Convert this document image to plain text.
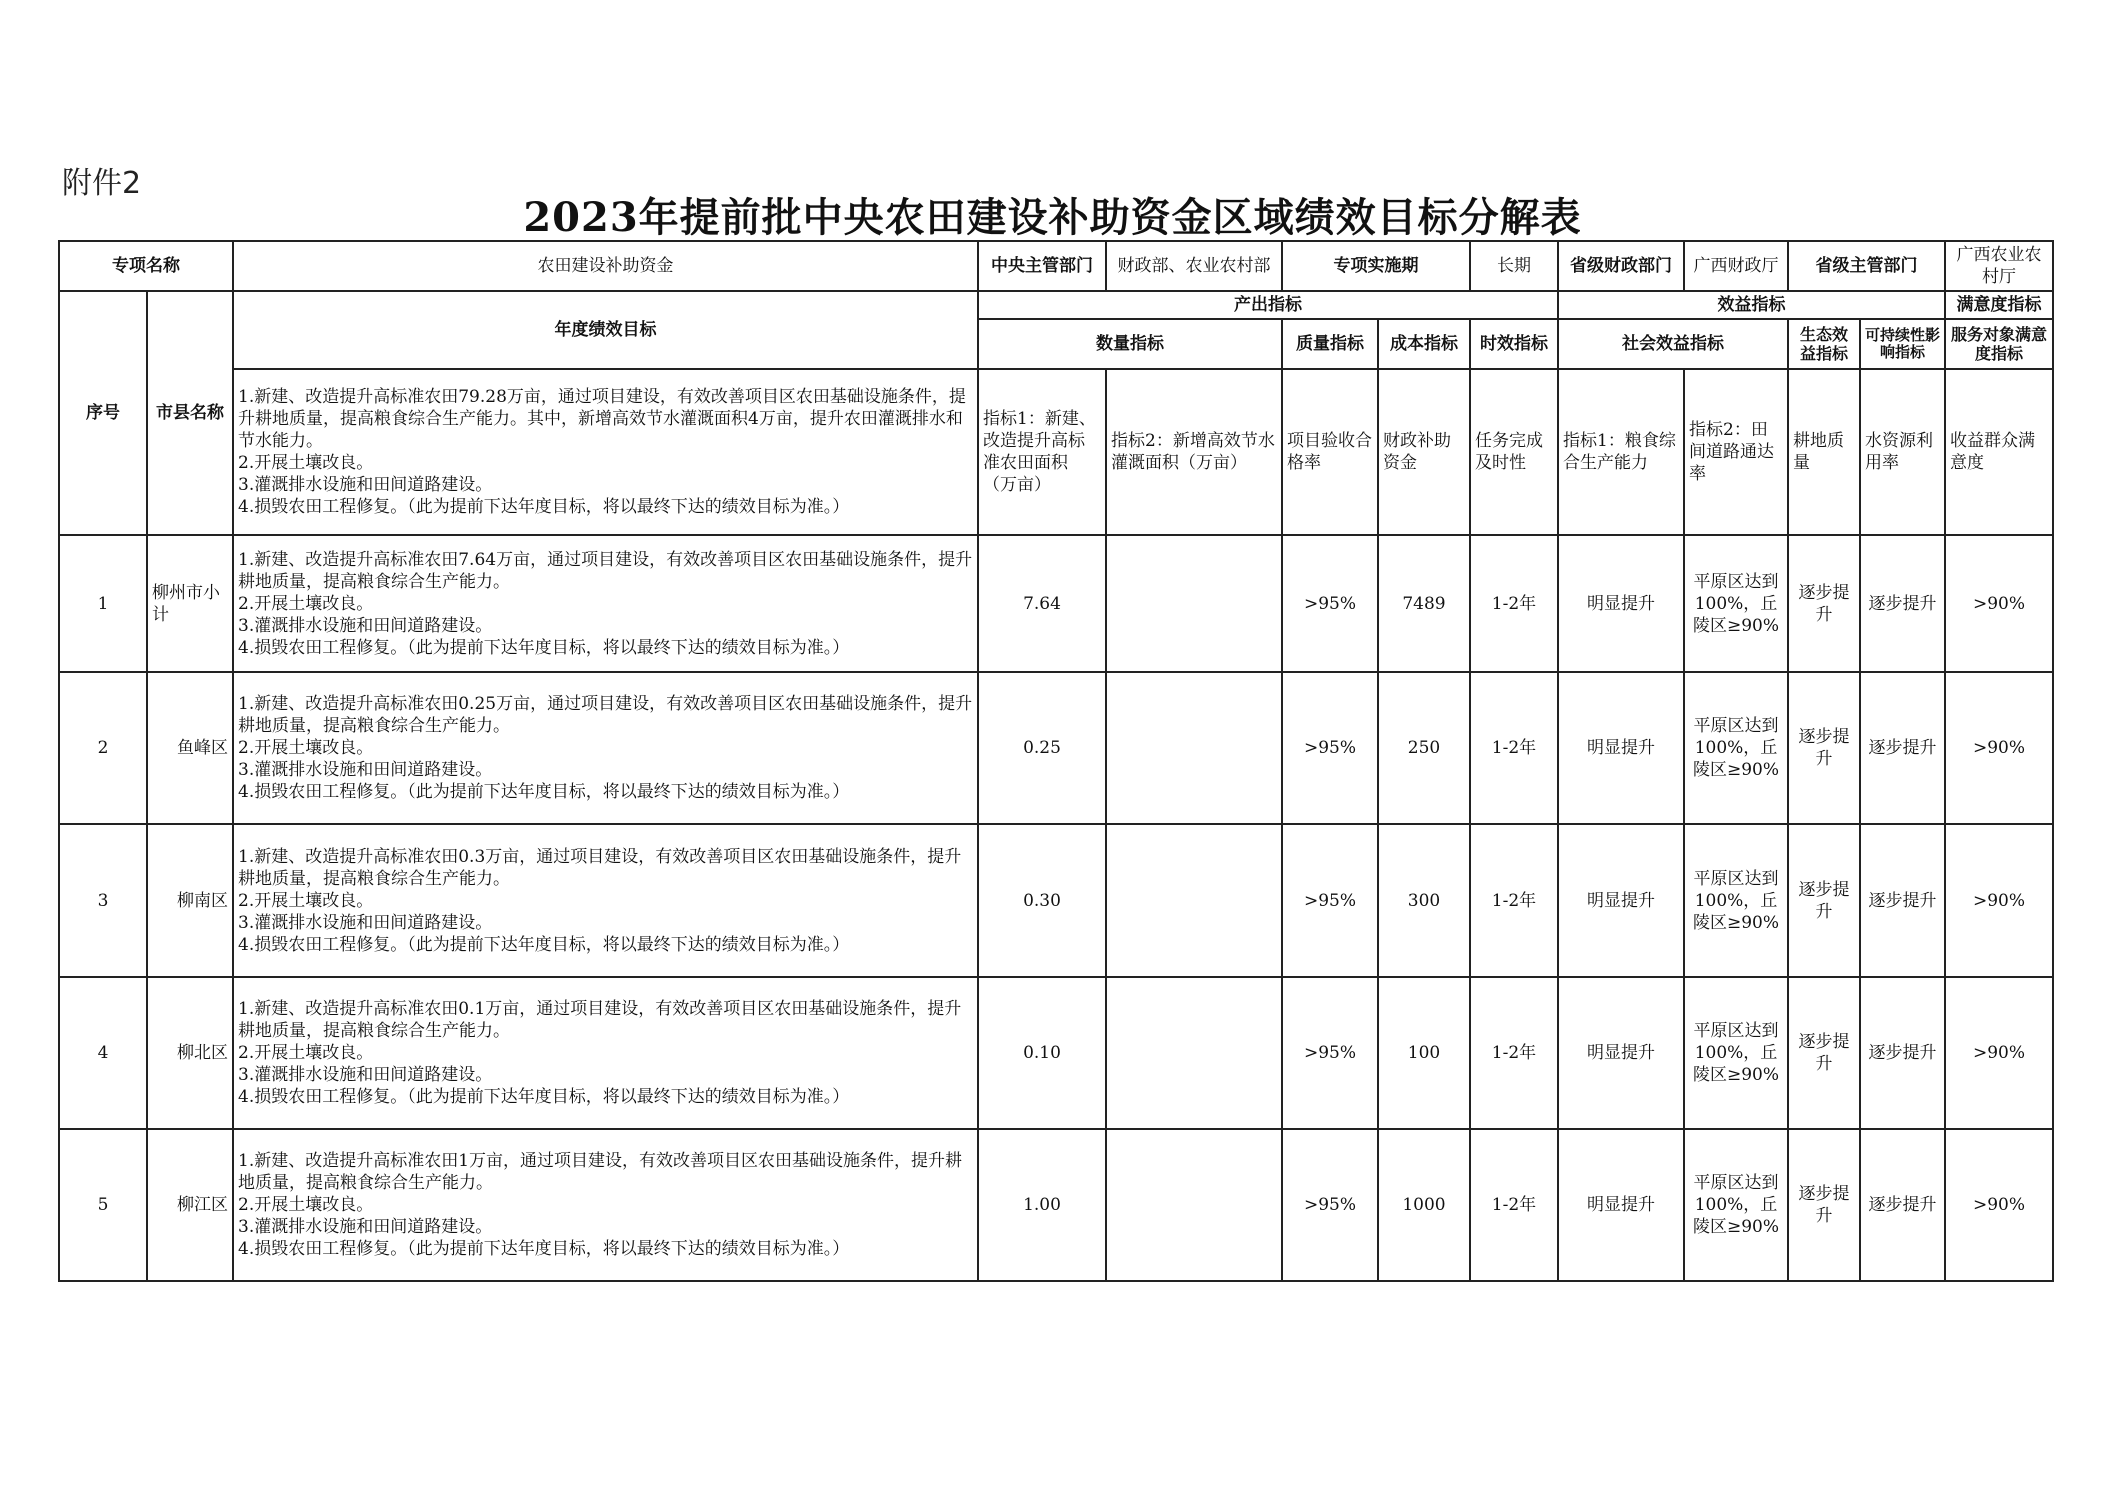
附件2
2023年提前批中央农田建设补助资金区域绩效目标分解表
专项名称		农田建设补助资金	中央主管部门	财政部、农业农村部	专项实施期		长期	省级财政部门	广西财政厅	省级主管部门		广西农业农村厅
序号	市县名称	年度绩效目标	产出指标					效益指标				满意度指标
			数量指标		质量指标	成本指标	时效指标	社会效益指标		生态效益指标	可持续性影响指标	服务对象满意度指标

		1.新建、改造提升高标准农田79.28万亩，通过项目建设，有效改善项目区农田基础设施条件，提升耕地质量，提高粮食综合生产能力。其中，新增高效节水灌溉面积4万亩，提升农田灌溉排水和节水能力。
2.开展土壤改良。
3.灌溉排水设施和田间道路建设。
4.损毁农田工程修复。（此为提前下达年度目标，将以最终下达的绩效目标为准。）	指标1：新建、改造提升高标准农田面积（万亩）	指标2：新增高效节水灌溉面积（万亩）	项目验收合格率	财政补助资金	任务完成及时性	指标1：粮食综合生产能力	指标2：田间道路通达率	耕地质量	水资源利用率	收益群众满意度
1	柳州市小计	1.新建、改造提升高标准农田7.64万亩，通过项目建设，有效改善项目区农田基础设施条件，提升耕地质量，提高粮食综合生产能力。
2.开展土壤改良。
3.灌溉排水设施和田间道路建设。
4.损毁农田工程修复。（此为提前下达年度目标，将以最终下达的绩效目标为准。）	7.64		>95%	7489	1-2年	明显提升	平原区达到100%，丘陵区≥90%	逐步提升	逐步提升	>90%
2	鱼峰区	1.新建、改造提升高标准农田0.25万亩，通过项目建设，有效改善项目区农田基础设施条件，提升耕地质量，提高粮食综合生产能力。
2.开展土壤改良。
3.灌溉排水设施和田间道路建设。
4.损毁农田工程修复。（此为提前下达年度目标，将以最终下达的绩效目标为准。）	0.25		>95%	250	1-2年	明显提升	平原区达到100%，丘陵区≥90%	逐步提升	逐步提升	>90%
3	柳南区	1.新建、改造提升高标准农田0.3万亩，通过项目建设，有效改善项目区农田基础设施条件，提升耕地质量，提高粮食综合生产能力。
2.开展土壤改良。
3.灌溉排水设施和田间道路建设。
4.损毁农田工程修复。（此为提前下达年度目标，将以最终下达的绩效目标为准。）	0.30		>95%	300	1-2年	明显提升	平原区达到100%，丘陵区≥90%	逐步提升	逐步提升	>90%
4	柳北区	1.新建、改造提升高标准农田0.1万亩，通过项目建设，有效改善项目区农田基础设施条件，提升耕地质量，提高粮食综合生产能力。
2.开展土壤改良。
3.灌溉排水设施和田间道路建设。
4.损毁农田工程修复。（此为提前下达年度目标，将以最终下达的绩效目标为准。）	0.10		>95%	100	1-2年	明显提升	平原区达到100%，丘陵区≥90%	逐步提升	逐步提升	>90%
5	柳江区	1.新建、改造提升高标准农田1万亩，通过项目建设，有效改善项目区农田基础设施条件，提升耕地质量，提高粮食综合生产能力。
2.开展土壤改良。
3.灌溉排水设施和田间道路建设。
4.损毁农田工程修复。（此为提前下达年度目标，将以最终下达的绩效目标为准。）	1.00		>95%	1000	1-2年	明显提升	平原区达到100%，丘陵区≥90%	逐步提升	逐步提升	>90%
